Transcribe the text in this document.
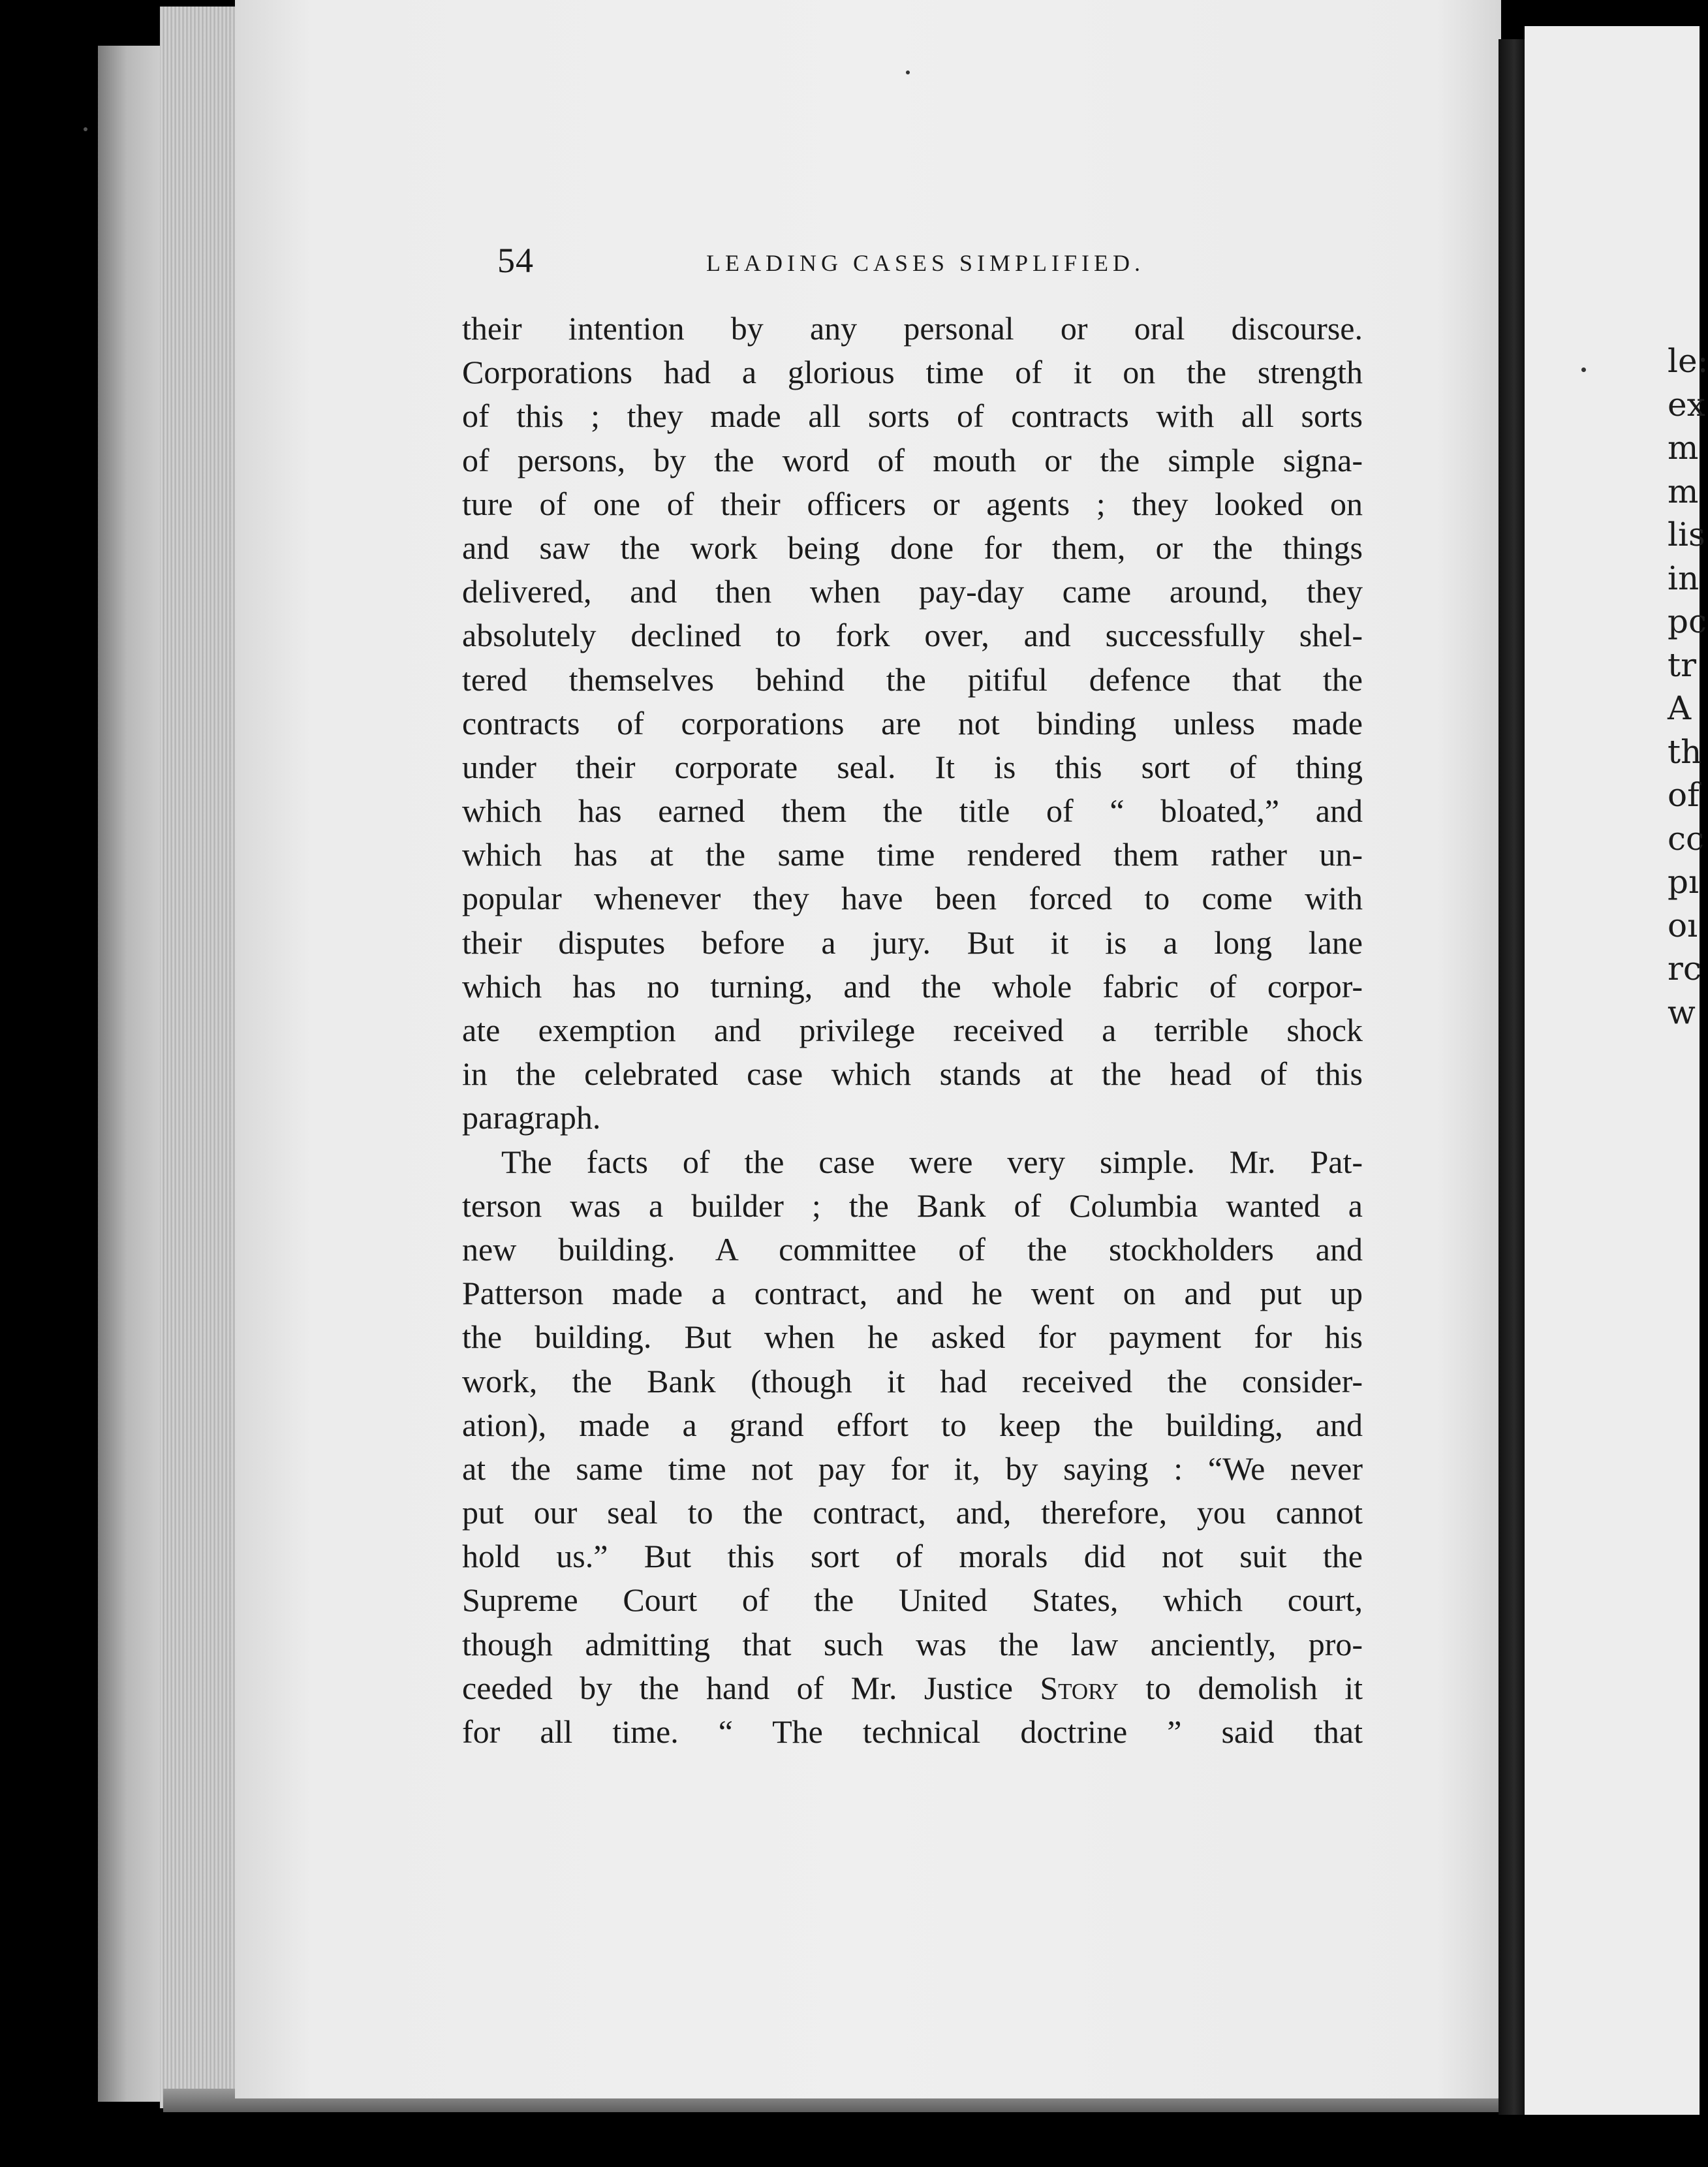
le:
ex
m
m
lis
in
pc
tr
A
th
of
cc
pı
oı
rc
w
54	LEADING CASES SIMPLIFIED.
their intention by any personal or oral discourse.
Corporations had a glorious time of it on the strength
of this ; they made all sorts of contracts with all sorts
of persons, by the word of mouth or the simple signa-
ture of one of their officers or agents ; they looked on
and saw the work being done for them, or the things
delivered, and then when pay-day came around, they
absolutely declined to fork over, and successfully shel-
tered themselves behind the pitiful defence that the
contracts of corporations are not binding unless made
under their corporate seal. It is this sort of thing
which has earned them the title of “ bloated,” and
which has at the same time rendered them rather un-
popular whenever they have been forced to come with
their disputes before a jury. But it is a long lane
which has no turning, and the whole fabric of corpor-
ate exemption and privilege received a terrible shock
in the celebrated case which stands at the head of this
paragraph.
The facts of the case were very simple. Mr. Pat-
terson was a builder ; the Bank of Columbia wanted a
new building. A committee of the stockholders and
Patterson made a contract, and he went on and put up
the building. But when he asked for payment for his
work, the Bank (though it had received the consider-
ation), made a grand effort to keep the building, and
at the same time not pay for it, by saying : “We never
put our seal to the contract, and, therefore, you cannot
hold us.” But this sort of morals did not suit the
Supreme Court of the United States, which court,
though admitting that such was the law anciently, pro-
ceeded by the hand of Mr. Justice Story to demolish it
for all time. “ The technical doctrine ” said that
